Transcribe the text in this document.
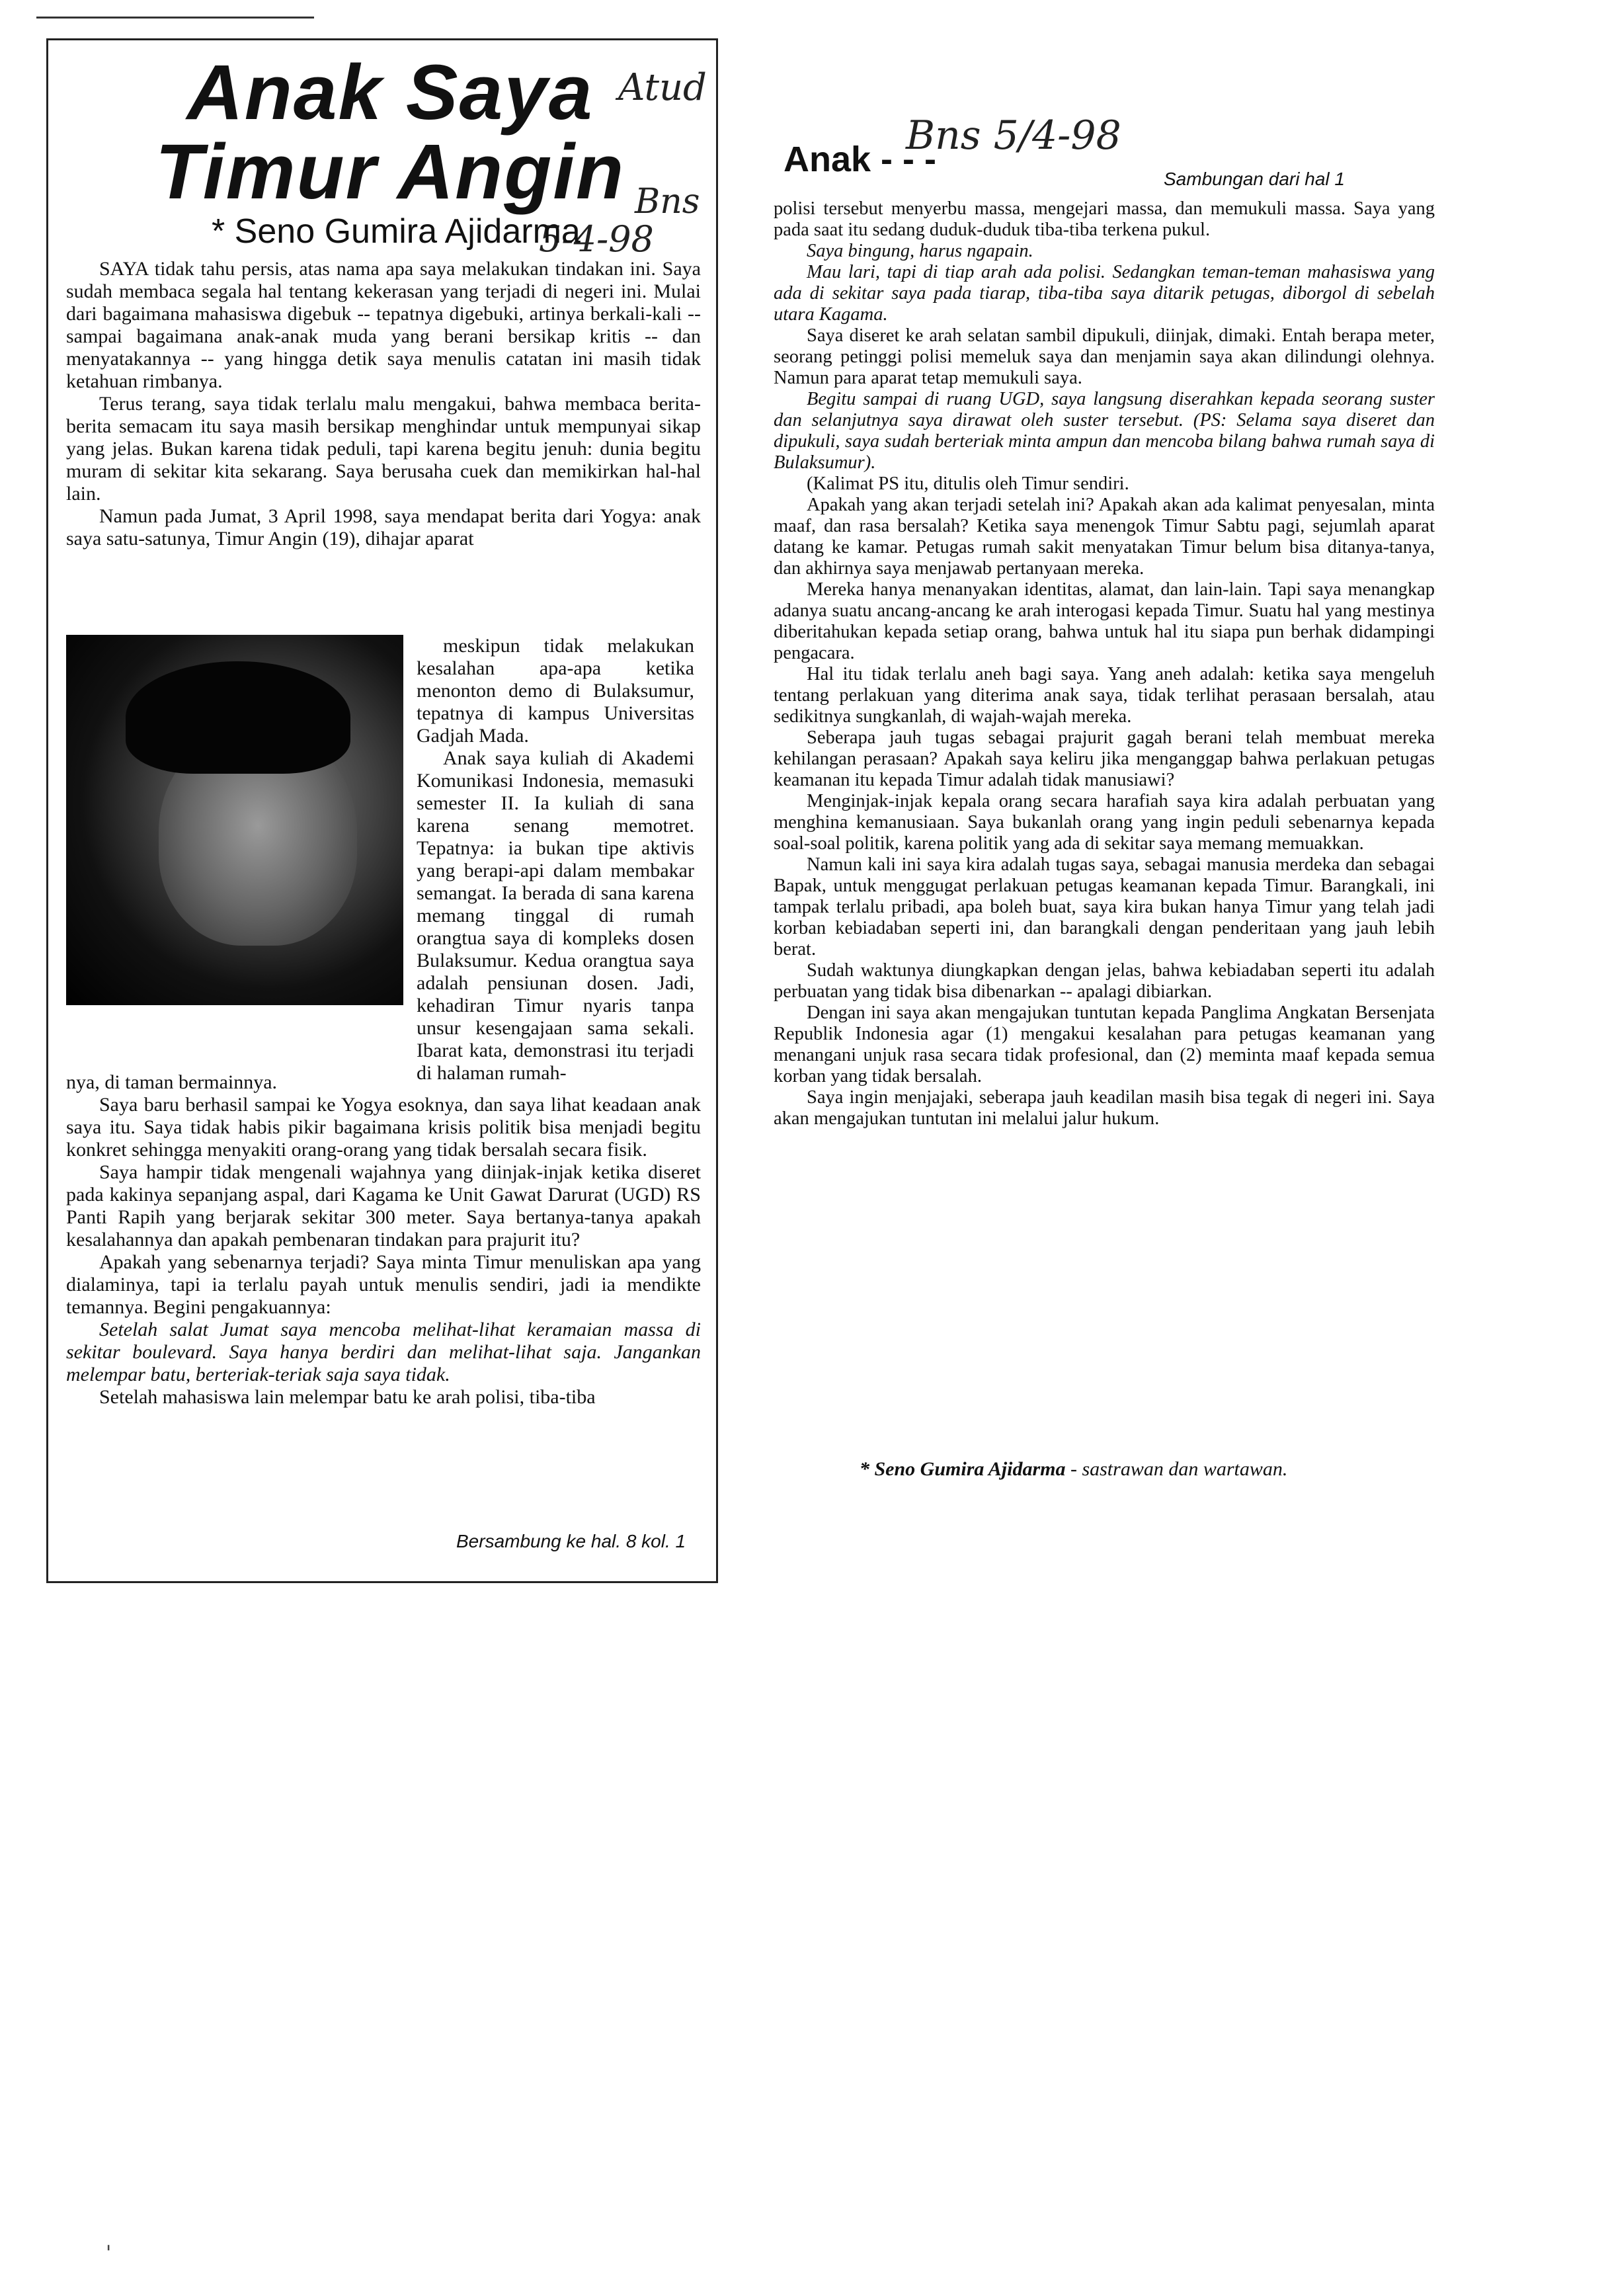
Anak Saya Timur Angin
Atud
Bns
5-4-98
* Seno Gumira Ajidarma

SAYA tidak tahu persis, atas nama apa saya melakukan tindakan ini. Saya sudah membaca segala hal tentang kekerasan yang terjadi di negeri ini. Mulai dari bagaimana mahasiswa digebuk -- tepatnya digebuki, artinya berkali-kali -- sampai bagaimana anak-anak muda yang berani bersikap kritis -- dan menyatakannya -- yang hingga detik saya menulis catatan ini masih tidak ketahuan rimbanya.

Terus terang, saya tidak terlalu malu mengakui, bahwa membaca berita-berita semacam itu saya masih bersikap menghindar untuk mempunyai sikap yang jelas. Bukan karena tidak peduli, tapi karena begitu jenuh: dunia begitu muram di sekitar kita sekarang. Saya berusaha cuek dan memikirkan hal-hal lain.

Namun pada Jumat, 3 April 1998, saya mendapat berita dari Yogya: anak saya satu-satunya, Timur Angin (19), dihajar aparat

meskipun tidak melakukan kesalahan apa-apa ketika menonton demo di Bulaksumur, tepatnya di kampus Universitas Gadjah Mada.

Anak saya kuliah di Akademi Komunikasi Indonesia, memasuki semester II. Ia kuliah di sana karena senang memotret. Tepatnya: ia bukan tipe aktivis yang berapi-api dalam membakar semangat. Ia berada di sana karena memang tinggal di rumah orangtua saya di kompleks dosen Bulaksumur. Kedua orangtua saya adalah pensiunan dosen. Jadi, kehadiran Timur nyaris tanpa unsur kesengajaan sama sekali. Ibarat kata, demonstrasi itu terjadi di halaman rumah-

nya, di taman bermainnya.

Saya baru berhasil sampai ke Yogya esoknya, dan saya lihat keadaan anak saya itu. Saya tidak habis pikir bagaimana krisis politik bisa menjadi begitu konkret sehingga menyakiti orang-orang yang tidak bersalah secara fisik.

Saya hampir tidak mengenali wajahnya yang diinjak-injak ketika diseret pada kakinya sepanjang aspal, dari Kagama ke Unit Gawat Darurat (UGD) RS Panti Rapih yang berjarak sekitar 300 meter. Saya bertanya-tanya apakah kesalahannya dan apakah pembenaran tindakan para prajurit itu?

Apakah yang sebenarnya terjadi? Saya minta Timur menuliskan apa yang dialaminya, tapi ia terlalu payah untuk menulis sendiri, jadi ia mendikte temannya. Begini pengakuannya:

Setelah salat Jumat saya mencoba melihat-lihat keramaian massa di sekitar boulevard. Saya hanya berdiri dan melihat-lihat saja. Jangankan melempar batu, berteriak-teriak saja saya tidak.

Setelah mahasiswa lain melempar batu ke arah polisi, tiba-tiba

Bersambung ke hal. 8 kol. 1
Anak - - -
Bns 5/4-98
Sambungan dari hal 1

polisi tersebut menyerbu massa, mengejari massa, dan memukuli massa. Saya yang pada saat itu sedang duduk-duduk tiba-tiba terkena pukul.

Saya bingung, harus ngapain.

Mau lari, tapi di tiap arah ada polisi. Sedangkan teman-teman mahasiswa yang ada di sekitar saya pada tiarap, tiba-tiba saya ditarik petugas, diborgol di sebelah utara Kagama.

Saya diseret ke arah selatan sambil dipukuli, diinjak, dimaki. Entah berapa meter, seorang petinggi polisi memeluk saya dan menjamin saya akan dilindungi olehnya. Namun para aparat tetap memukuli saya.

Begitu sampai di ruang UGD, saya langsung diserahkan kepada seorang suster dan selanjutnya saya dirawat oleh suster tersebut. (PS: Selama saya diseret dan dipukuli, saya sudah berteriak minta ampun dan mencoba bilang bahwa rumah saya di Bulaksumur).

(Kalimat PS itu, ditulis oleh Timur sendiri.

Apakah yang akan terjadi setelah ini? Apakah akan ada kalimat penyesalan, minta maaf, dan rasa bersalah? Ketika saya menengok Timur Sabtu pagi, sejumlah aparat datang ke kamar. Petugas rumah sakit menyatakan Timur belum bisa ditanya-tanya, dan akhirnya saya menjawab pertanyaan mereka.

Mereka hanya menanyakan identitas, alamat, dan lain-lain. Tapi saya menangkap adanya suatu ancang-ancang ke arah interogasi kepada Timur. Suatu hal yang mestinya diberitahukan kepada setiap orang, bahwa untuk hal itu siapa pun berhak didampingi pengacara.

Hal itu tidak terlalu aneh bagi saya. Yang aneh adalah: ketika saya mengeluh tentang perlakuan yang diterima anak saya, tidak terlihat perasaan bersalah, atau sedikitnya sungkanlah, di wajah-wajah mereka.

Seberapa jauh tugas sebagai prajurit gagah berani telah membuat mereka kehilangan perasaan? Apakah saya keliru jika menganggap bahwa perlakuan petugas keamanan itu kepada Timur adalah tidak manusiawi?

Menginjak-injak kepala orang secara harafiah saya kira adalah perbuatan yang menghina kemanusiaan. Saya bukanlah orang yang ingin peduli sebenarnya kepada soal-soal politik, karena politik yang ada di sekitar saya memang memuakkan.

Namun kali ini saya kira adalah tugas saya, sebagai manusia merdeka dan sebagai Bapak, untuk menggugat perlakuan petugas keamanan kepada Timur. Barangkali, ini tampak terlalu pribadi, apa boleh buat, saya kira bukan hanya Timur yang telah jadi korban kebiadaban seperti ini, dan barangkali dengan penderitaan yang jauh lebih berat.

Sudah waktunya diungkapkan dengan jelas, bahwa kebiadaban seperti itu adalah perbuatan yang tidak bisa dibenarkan -- apalagi dibiarkan.

Dengan ini saya akan mengajukan tuntutan kepada Panglima Angkatan Bersenjata Republik Indonesia agar (1) mengakui kesalahan para petugas keamanan yang menangani unjuk rasa secara tidak profesional, dan (2) meminta maaf kepada semua korban yang tidak bersalah.

Saya ingin menjajaki, seberapa jauh keadilan masih bisa tegak di negeri ini. Saya akan mengajukan tuntutan ini melalui jalur hukum.

* Seno Gumira Ajidarma - sastrawan dan wartawan.
'
